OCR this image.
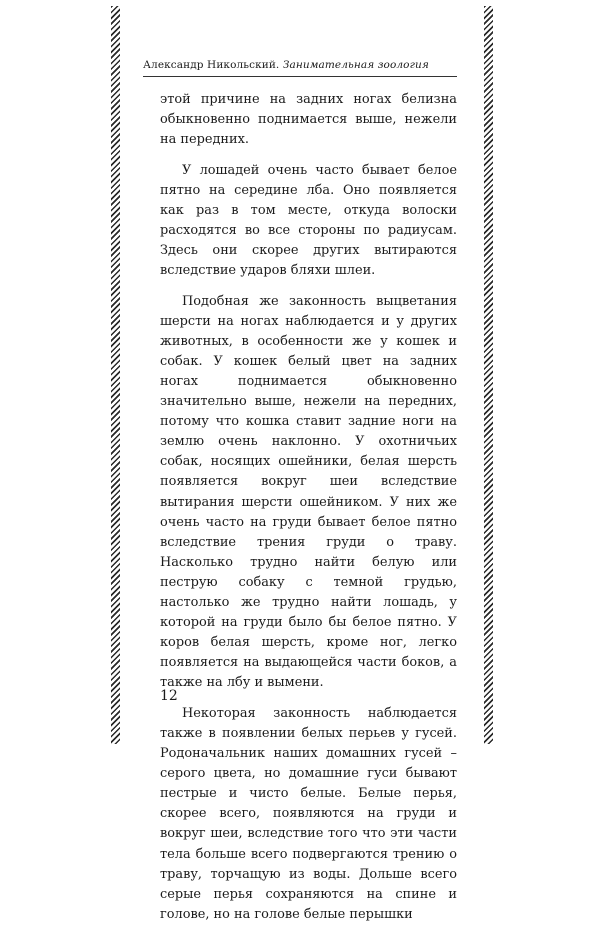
Александр Никольский. Занимательная зоология

этой причине на задних ногах белизна обыкновенно поднимается выше, нежели на передних.

У лошадей очень часто бывает белое пятно на середине лба. Оно появляется как раз в том месте, откуда волоски расходятся во все стороны по радиусам. Здесь они скорее других вытираются вследствие ударов бляхи шлеи.

Подобная же законность выцветания шерсти на ногах наблюдается и у других животных, в особенности же у кошек и собак. У кошек белый цвет на задних ногах поднимается обыкновенно значительно выше, нежели на передних, потому что кошка ставит задние ноги на землю очень наклонно. У охотничьих собак, носящих ошейники, белая шерсть появляется вокруг шеи вследствие вытирания шерсти ошейником. У них же очень часто на груди бывает белое пятно вследствие трения груди о траву. Насколько трудно найти белую или пеструю собаку с темной грудью, настолько же трудно найти лошадь, у которой на груди было бы белое пятно. У коров белая шерсть, кроме ног, легко появляется на выдающейся части боков, а также на лбу и вымени.

Некоторая законность наблюдается также в появлении белых перьев у гусей. Родоначальник наших домашних гусей – серого цвета, но домашние гуси бывают пестрые и чисто белые. Белые перья, скорее всего, появляются на груди и вокруг шеи, вследствие того что эти части тела больше всего подвергаются трению о траву, торчащую из воды. Дольше всего серые перья сохраняются на спине и голове, но на голове белые перышки

12
